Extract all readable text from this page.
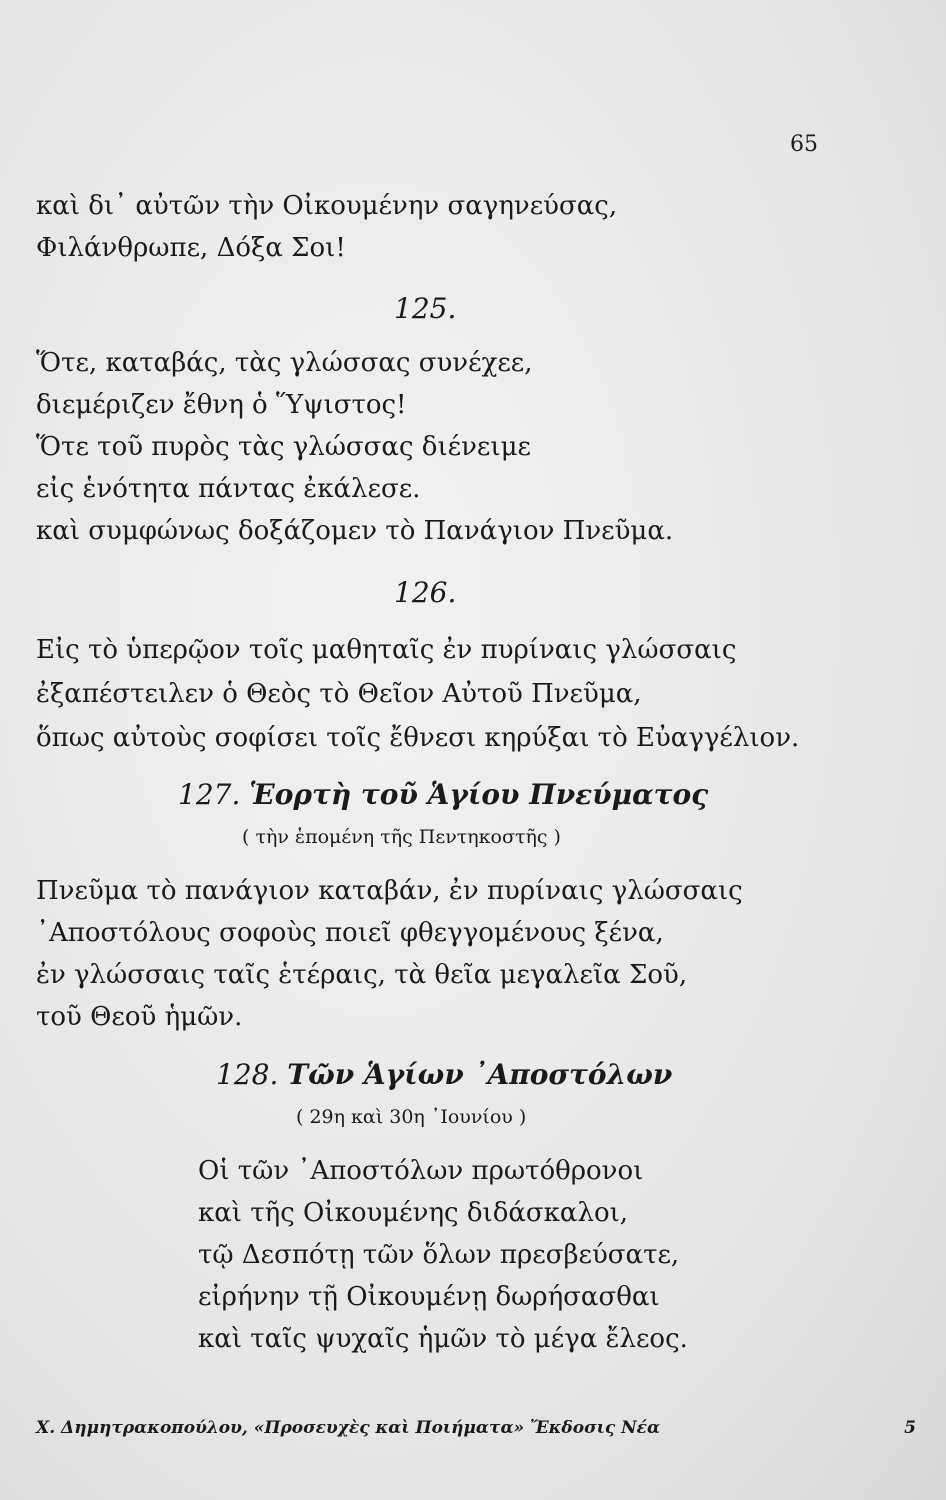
65
καὶ δι᾽ αὐτῶν τὴν Οἰκουμένην σαγηνεύσας,
Φιλάνθρωπε, Δόξα Σοι!
125.
Ὅτε, καταβάς, τὰς γλώσσας συνέχεε,
διεμέριζεν ἔθνη ὁ Ὕψιστος!
Ὅτε τοῦ πυρὸς τὰς γλώσσας διένειμε
εἰς ἑνότητα πάντας ἐκάλεσε.
καὶ συμφώνως δοξάζομεν τὸ Πανάγιον Πνεῦμα.
126.
Εἰς τὸ ὑπερῷον τοῖς μαθηταῖς ἐν πυρίναις γλώσσαις
ἐξαπέστειλεν ὁ Θεὸς τὸ Θεῖον Αὐτοῦ Πνεῦμα,
ὅπως αὐτοὺς σοφίσει τοῖς ἔθνεσι κηρύξαι τὸ Εὐαγγέλιον.
127. Ἑορτὴ τοῦ Ἁγίου Πνεύματος
( τὴν ἑπομένη τῆς Πεντηκοστῆς )
Πνεῦμα τὸ πανάγιον καταβάν, ἐν πυρίναις γλώσσαις
᾽Αποστόλους σοφοὺς ποιεῖ φθεγγομένους ξένα,
ἐν γλώσσαις ταῖς ἑτέραις, τὰ θεῖα μεγαλεῖα Σοῦ,
τοῦ Θεοῦ ἡμῶν.
128. Τῶν Ἁγίων ᾽Αποστόλων
( 29η καὶ 30η ᾽Ιουνίου )
Οἱ τῶν ᾽Αποστόλων πρωτόθρονοι
καὶ τῆς Οἰκουμένης διδάσκαλοι,
τῷ Δεσπότῃ τῶν ὅλων πρεσβεύσατε,
εἰρήνην τῇ Οἰκουμένῃ δωρήσασθαι
καὶ ταῖς ψυχαῖς ἡμῶν τὸ μέγα ἔλεος.
Χ. Δημητρακοπούλου, «Προσευχὲς καὶ Ποιήματα» Ἔκδοσις Νέα	5
